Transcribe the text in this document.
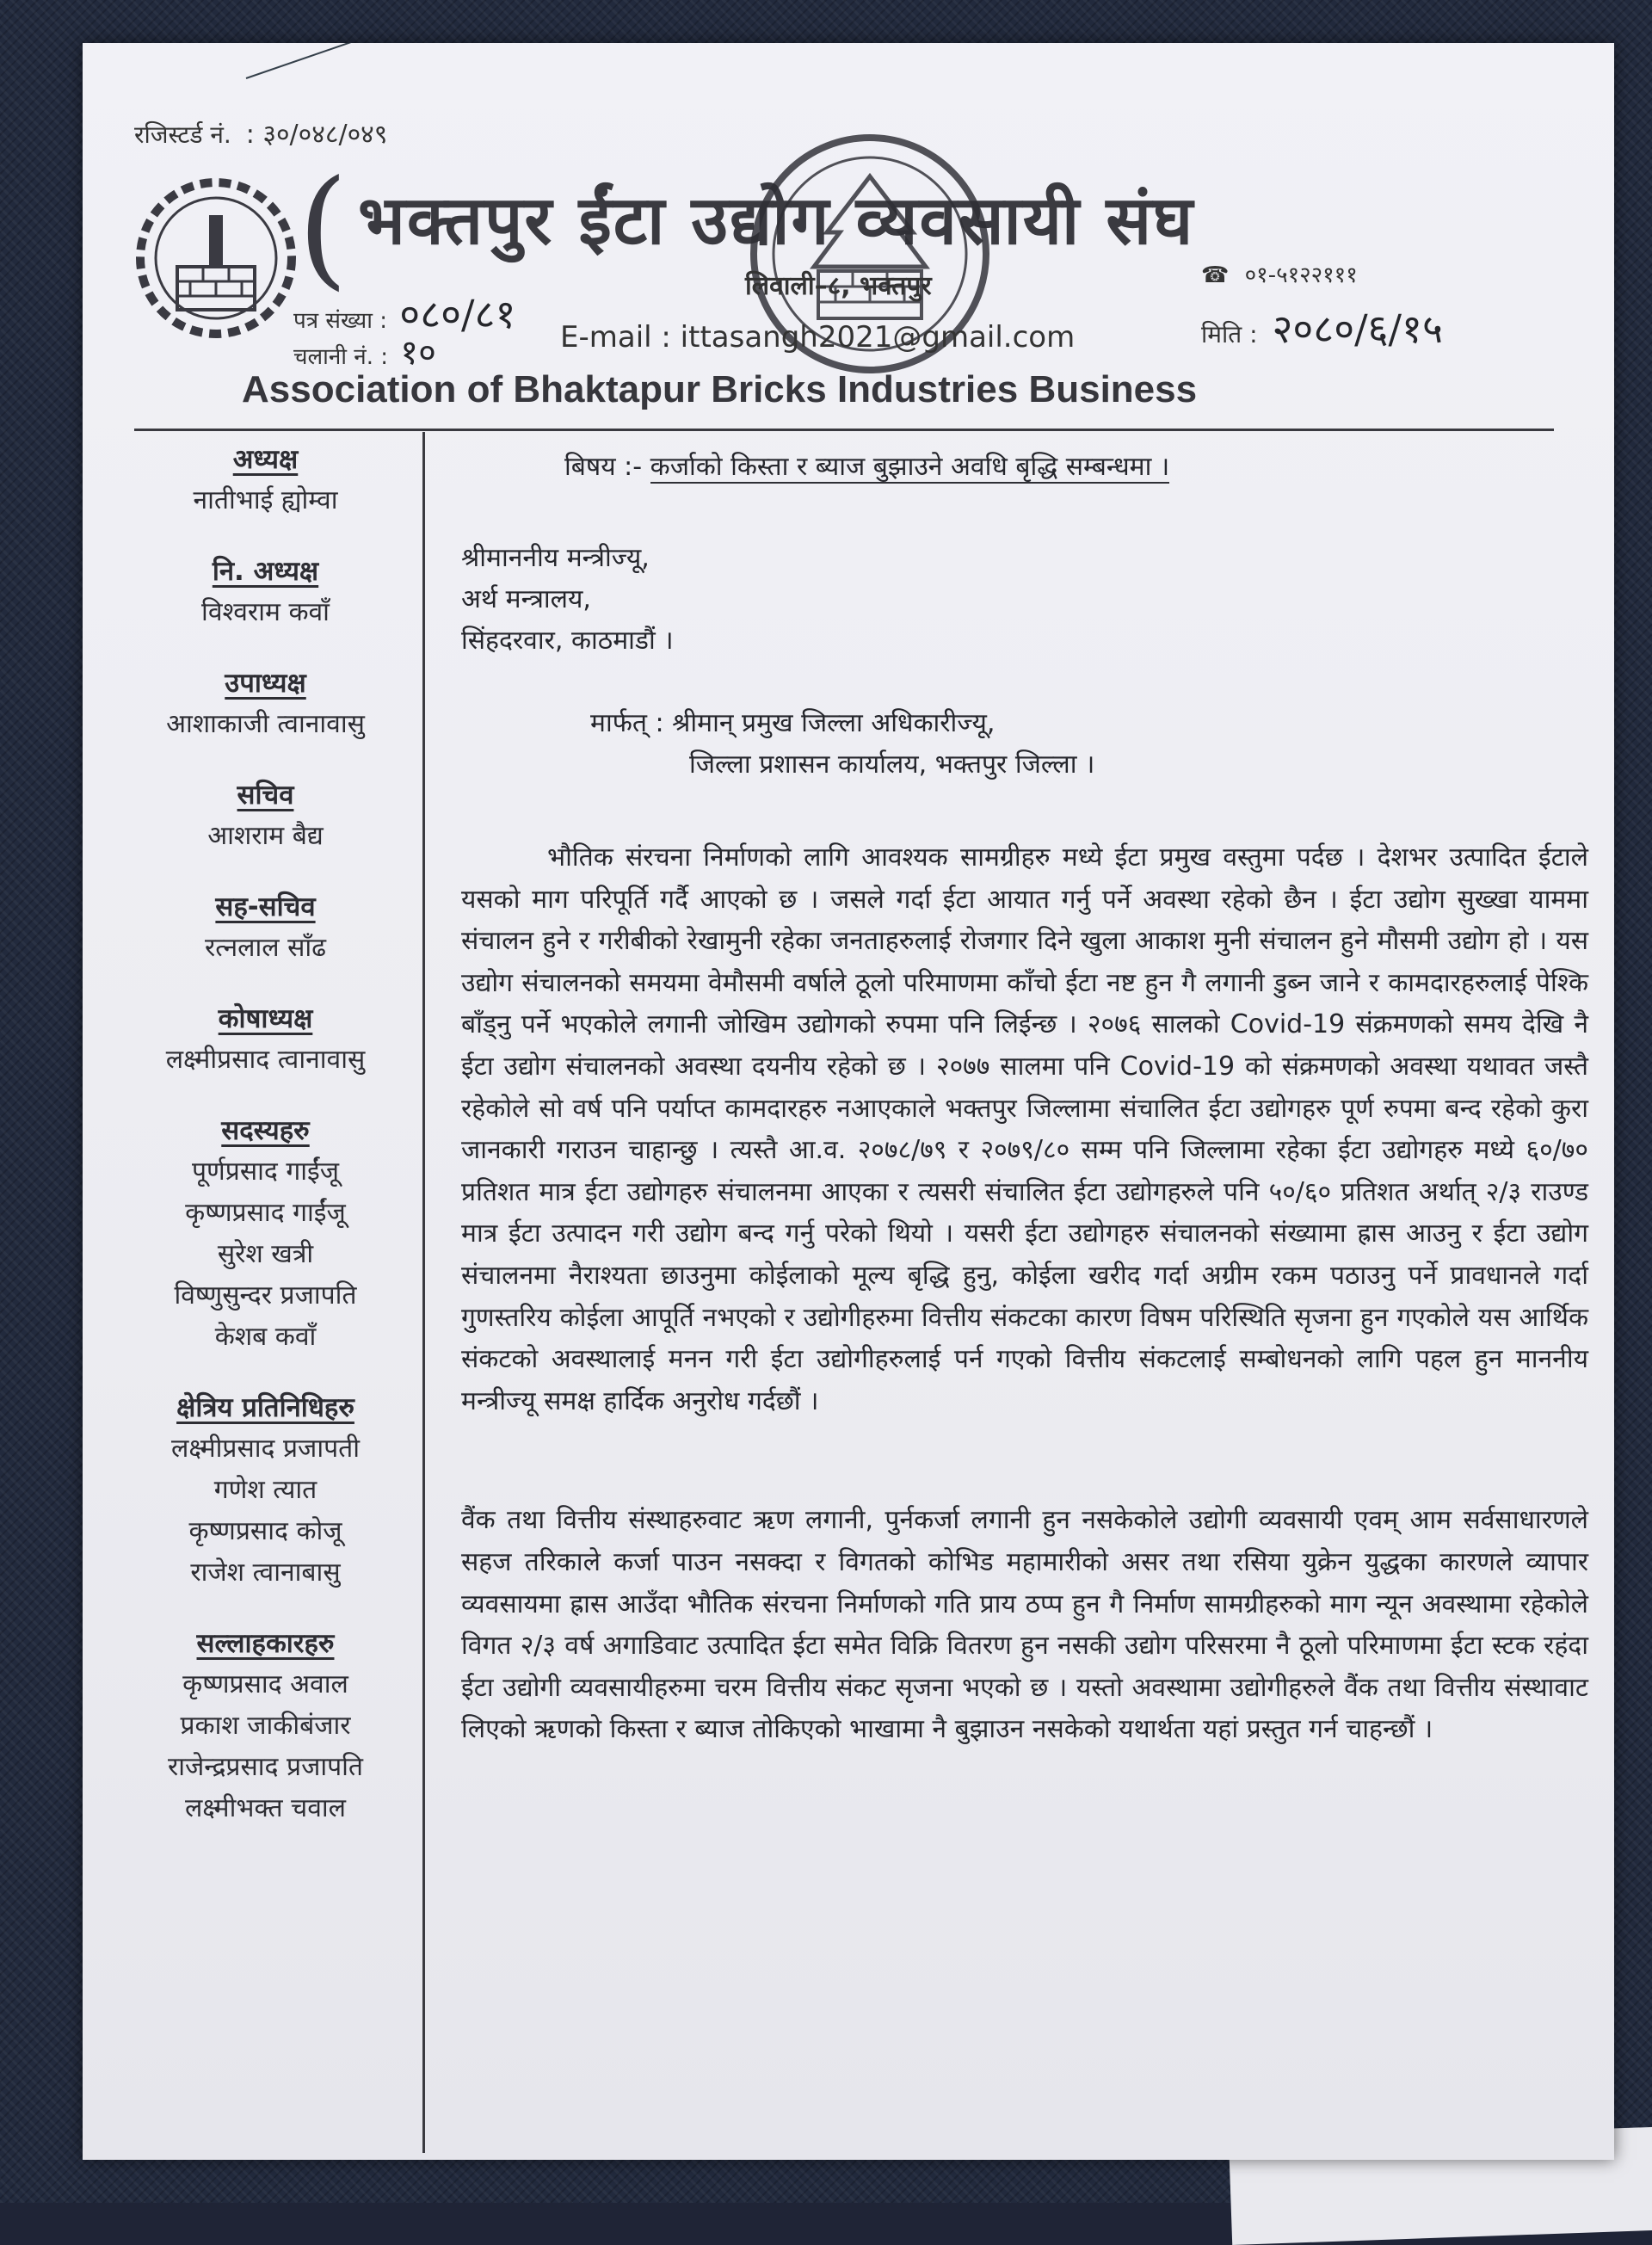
रजिस्टर्ड नं. : ३०/०४८/०४९
( भक्तपुर ईंटा उद्योग व्यवसायी संघ
लिवाली–८, भक्तपुर	☎ ०१-५१२२१११
पत्र संख्या : ०८०/८१
चलानी नं. : १०	E-mail : ittasangh2021@gmail.com	मिति : २०८०/६/१५
Association of Bhaktapur Bricks Industries Business
अध्यक्ष
नातीभाई ह्योम्वा
नि. अध्यक्ष
विश्वराम कवाँ
उपाध्यक्ष
आशाकाजी त्वानावासु
सचिव
आशराम बैद्य
सह-सचिव
रत्नलाल साँढ
कोषाध्यक्ष
लक्ष्मीप्रसाद त्वानावासु
सदस्यहरु
पूर्णप्रसाद गाईंजू
कृष्णप्रसाद गाईंजू
सुरेश खत्री
विष्णुसुन्दर प्रजापति
केशब कवाँ
क्षेत्रिय प्रतिनिधिहरु
लक्ष्मीप्रसाद प्रजापती
गणेश त्यात
कृष्णप्रसाद कोजू
राजेश त्वानाबासु
सल्लाहकारहरु
कृष्णप्रसाद अवाल
प्रकाश जाकीबंजार
राजेन्द्रप्रसाद प्रजापति
लक्ष्मीभक्त चवाल
बिषय :- कर्जाको किस्ता र ब्याज बुझाउने अवधि बृद्धि सम्बन्धमा ।
श्रीमाननीय मन्त्रीज्यू,
अर्थ मन्त्रालय,
सिंहदरवार, काठमाडौं ।
मार्फत् : श्रीमान् प्रमुख जिल्ला अधिकारीज्यू,
जिल्ला प्रशासन कार्यालय, भक्तपुर जिल्ला ।

भौतिक संरचना निर्माणको लागि आवश्यक सामग्रीहरु मध्ये ईटा प्रमुख वस्तुमा पर्दछ । देशभर उत्पादित ईटाले यसको माग परिपूर्ति गर्दै आएको छ । जसले गर्दा ईटा आयात गर्नु पर्ने अवस्था रहेको छैन । ईटा उद्योग सुख्खा याममा संचालन हुने र गरीबीको रेखामुनी रहेका जनताहरुलाई रोजगार दिने खुला आकाश मुनी संचालन हुने मौसमी उद्योग हो । यस उद्योग संचालनको समयमा वेमौसमी वर्षाले ठूलो परिमाणमा काँचो ईटा नष्ट हुन गै लगानी डुब्न जाने र कामदारहरुलाई पेश्कि बाँड्नु पर्ने भएकोले लगानी जोखिम उद्योगको रुपमा पनि लिईन्छ । २०७६ सालको Covid-19 संक्रमणको समय देखि नै ईटा उद्योग संचालनको अवस्था दयनीय रहेको छ । २०७७ सालमा पनि Covid-19 को संक्रमणको अवस्था यथावत जस्तै रहेकोले सो वर्ष पनि पर्याप्त कामदारहरु नआएकाले भक्तपुर जिल्लामा संचालित ईटा उद्योगहरु पूर्ण रुपमा बन्द रहेको कुरा जानकारी गराउन चाहान्छु । त्यस्तै आ.व. २०७८/७९ र २०७९/८० सम्म पनि जिल्लामा रहेका ईटा उद्योगहरु मध्ये ६०/७० प्रतिशत मात्र ईटा उद्योगहरु संचालनमा आएका र त्यसरी संचालित ईटा उद्योगहरुले पनि ५०/६० प्रतिशत अर्थात् २/३ राउण्ड मात्र ईटा उत्पादन गरी उद्योग बन्द गर्नु परेको थियो । यसरी ईटा उद्योगहरु संचालनको संख्यामा ह्रास आउनु र ईटा उद्योग संचालनमा नैराश्यता छाउनुमा कोईलाको मूल्य बृद्धि हुनु, कोईला खरीद गर्दा अग्रीम रकम पठाउनु पर्ने प्रावधानले गर्दा गुणस्तरिय कोईला आपूर्ति नभएको र उद्योगीहरुमा वित्तीय संकटका कारण विषम परिस्थिति सृजना हुन गएकोले यस आर्थिक संकटको अवस्थालाई मनन गरी ईटा उद्योगीहरुलाई पर्न गएको वित्तीय संकटलाई सम्बोधनको लागि पहल हुन माननीय मन्त्रीज्यू समक्ष हार्दिक अनुरोध गर्दछौं ।

वैंक तथा वित्तीय संस्थाहरुवाट ऋण लगानी, पुर्नकर्जा लगानी हुन नसकेकोले उद्योगी व्यवसायी एवम् आम सर्वसाधारणले सहज तरिकाले कर्जा पाउन नसक्दा र विगतको कोभिड महामारीको असर तथा रसिया युक्रेन युद्धका कारणले व्यापार व्यवसायमा ह्रास आउँदा भौतिक संरचना निर्माणको गति प्राय ठप्प हुन गै निर्माण सामग्रीहरुको माग न्यून अवस्थामा रहेकोले विगत २/३ वर्ष अगाडिवाट उत्पादित ईटा समेत विक्रि वितरण हुन नसकी उद्योग परिसरमा नै ठूलो परिमाणमा ईटा स्टक रहंदा ईटा उद्योगी व्यवसायीहरुमा चरम वित्तीय संकट सृजना भएको छ । यस्तो अवस्थामा उद्योगीहरुले वैंक तथा वित्तीय संस्थावाट लिएको ऋणको किस्ता र ब्याज तोकिएको भाखामा नै बुझाउन नसकेको यथार्थता यहां प्रस्तुत गर्न चाहन्छौं ।
